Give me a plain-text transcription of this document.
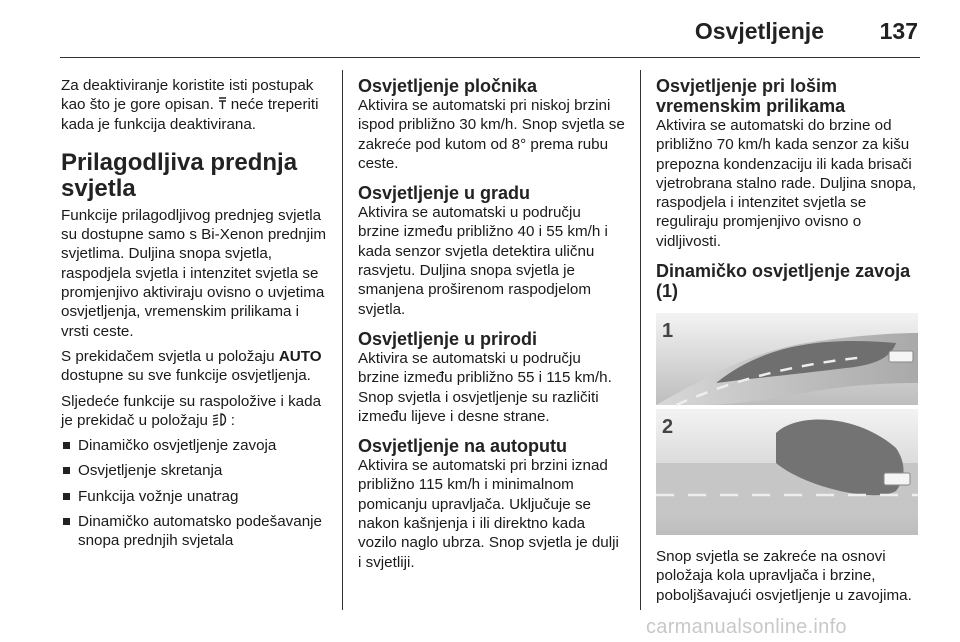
Osvjetljenje 137

Za deaktiviranje koristite isti postupak kao što je gore opisan. neće treperiti kada je funkcija deaktivirana.

Prilagodljiva prednja svjetla

Funkcije prilagodljivog prednjeg svjetla su dostupne samo s Bi-Xenon prednjim svjetlima. Duljina snopa svjetla, raspodjela svjetla i intenzitet svjetla se promjenjivo aktiviraju ovisno o uvjetima osvjetljenja, vremenskim prilikama i vrsti ceste.

S prekidačem svjetla u položaju AUTO dostupne su sve funkcije osvjetljenja.

Sljedeće funkcije su raspoložive i kada je prekidač u položaju :

Dinamičko osvjetljenje zavoja
Osvjetljenje skretanja
Funkcija vožnje unatrag
Dinamičko automatsko podešavanje snopa prednjih svjetala
Osvjetljenje pločnika

Aktivira se automatski pri niskoj brzini ispod približno 30 km/h. Snop svjetla se zakreće pod kutom od 8° prema rubu ceste.

Osvjetljenje u gradu

Aktivira se automatski u području brzine između približno 40 i 55 km/h i kada senzor svjetla detektira uličnu rasvjetu. Duljina snopa svjetla je smanjena proširenom raspodjelom svjetla.

Osvjetljenje u prirodi

Aktivira se automatski u području brzine između približno 55 i 115 km/h. Snop svjetla i osvjetljenje su različiti između lijeve i desne strane.

Osvjetljenje na autoputu

Aktivira se automatski pri brzini iznad približno 115 km/h i minimalnom pomicanju upravljača. Uključuje se nakon kašnjenja i ili direktno kada vozilo naglo ubrza. Snop svjetla je dulji i svjetliji.

Osvjetljenje pri lošim vremenskim prilikama

Aktivira se automatski do brzine od približno 70 km/h kada senzor za kišu prepozna kondenzaciju ili kada brisači vjetrobrana stalno rade. Duljina snopa, raspodjela i intenzitet svjetla se reguliraju promjenjivo ovisno o vidljivosti.

Dinamičko osvjetljenje zavoja (1)
1
2

Snop svjetla se zakreće na osnovi položaja kola upravljača i brzine, poboljšavajući osvjetljenje u zavojima.

carmanualsonline.info
